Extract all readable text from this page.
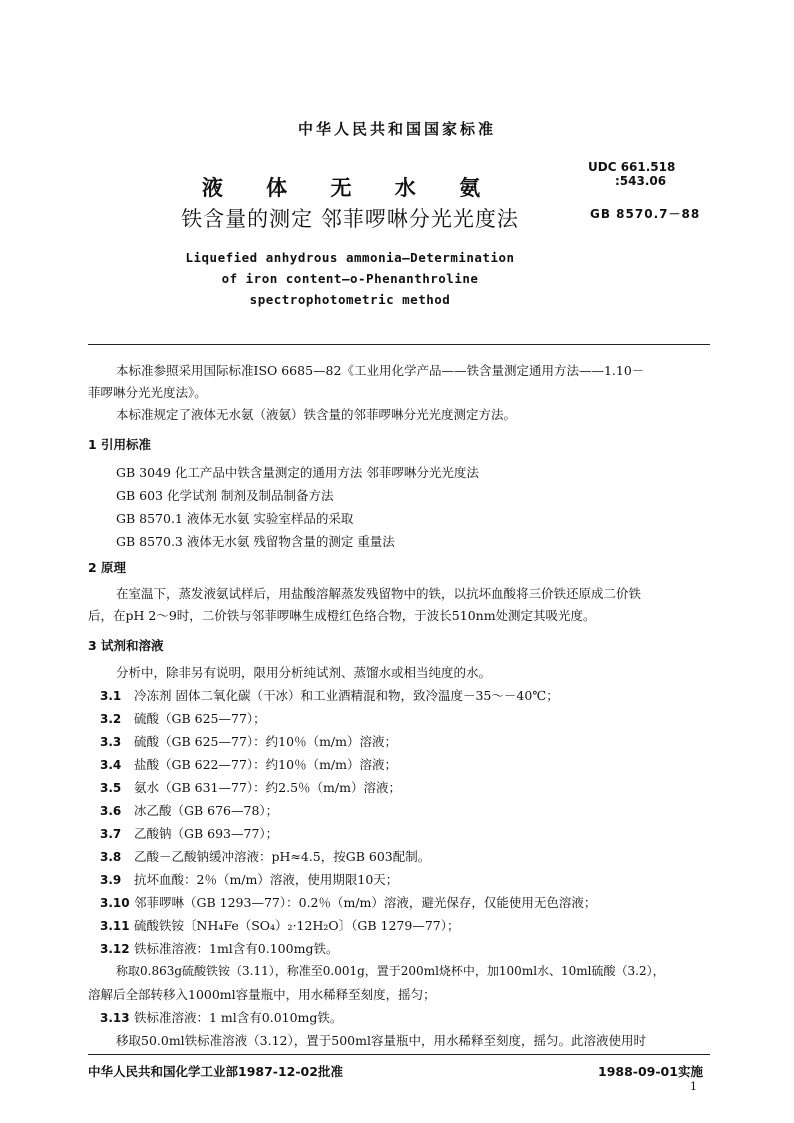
中华人民共和国国家标准
液 体 无 水 氨
铁含量的测定 邻菲啰啉分光光度法
UDC 661.518
:543.06
GB 8570.7－88
Liquefied anhydrous ammonia—Determination
of iron content—o-Phenanthroline
spectrophotometric method
本标准参照采用国际标准ISO 6685—82《工业用化学产品——铁含量测定通用方法——1.10－
菲啰啉分光光度法》。
本标准规定了液体无水氨（液氨）铁含量的邻菲啰啉分光光度测定方法。
1 引用标准
GB 3049 化工产品中铁含量测定的通用方法 邻菲啰啉分光光度法
GB 603 化学试剂 制剂及制品制备方法
GB 8570.1 液体无水氨 实验室样品的采取
GB 8570.3 液体无水氨 残留物含量的测定 重量法
2 原理
在室温下，蒸发液氨试样后，用盐酸溶解蒸发残留物中的铁，以抗坏血酸将三价铁还原成二价铁
后，在pH 2～9时，二价铁与邻菲啰啉生成橙红色络合物，于波长510nm处测定其吸光度。
3 试剂和溶液
分析中，除非另有说明，限用分析纯试剂、蒸馏水或相当纯度的水。
3.1 冷冻剂 固体二氧化碳（干冰）和工业酒精混和物，致冷温度－35～－40℃；
3.2 硫酸（GB 625—77）；
3.3 硫酸（GB 625—77）：约10％（m/m）溶液；
3.4 盐酸（GB 622—77）：约10％（m/m）溶液；
3.5 氨水（GB 631—77）：约2.5％（m/m）溶液；
3.6 冰乙酸（GB 676—78）；
3.7 乙酸钠（GB 693—77）；
3.8 乙酸－乙酸钠缓冲溶液：pH≈4.5，按GB 603配制。
3.9 抗坏血酸：2％（m/m）溶液，使用期限10天；
3.10 邻菲啰啉（GB 1293—77）：0.2％（m/m）溶液，避光保存，仅能使用无色溶液；
3.11 硫酸铁铵〔NH₄Fe（SO₄）₂·12H₂O〕（GB 1279—77）；
3.12 铁标准溶液：1ml含有0.100mg铁。
称取0.863g硫酸铁铵（3.11），称准至0.001g，置于200ml烧杯中，加100ml水、10ml硫酸（3.2），
溶解后全部转移入1000ml容量瓶中，用水稀释至刻度，摇匀；
3.13 铁标准溶液：1 ml含有0.010mg铁。
移取50.0ml铁标准溶液（3.12），置于500ml容量瓶中，用水稀释至刻度，摇匀。此溶液使用时
中华人民共和国化学工业部1987-12-02批准	1988-09-01实施
1
